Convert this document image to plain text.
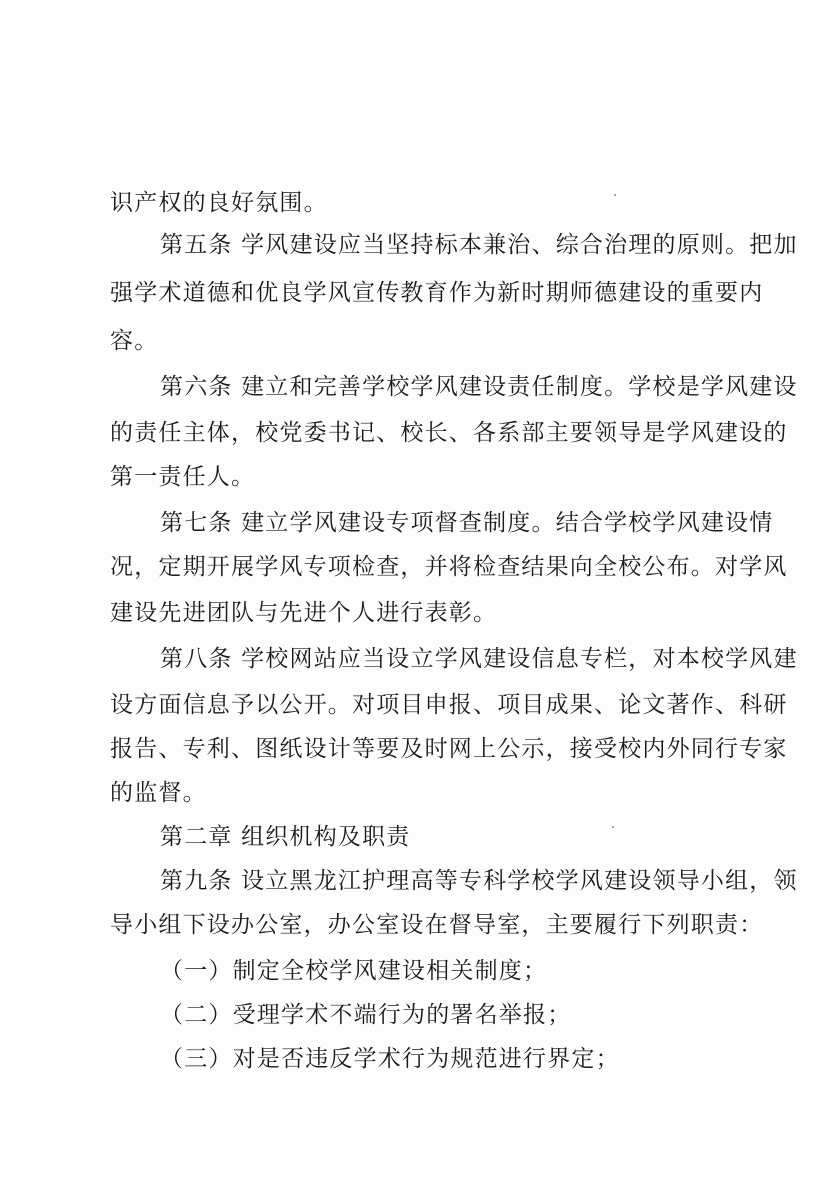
识产权的良好氛围。
第五条 学风建设应当坚持标本兼治、综合治理的原则。把加
强学术道德和优良学风宣传教育作为新时期师德建设的重要内
容。
第六条 建立和完善学校学风建设责任制度。学校是学风建设
的责任主体，校党委书记、校长、各系部主要领导是学风建设的
第一责任人。
第七条 建立学风建设专项督查制度。结合学校学风建设情
况，定期开展学风专项检查，并将检查结果向全校公布。对学风
建设先进团队与先进个人进行表彰。
第八条 学校网站应当设立学风建设信息专栏，对本校学风建
设方面信息予以公开。对项目申报、项目成果、论文著作、科研
报告、专利、图纸设计等要及时网上公示，接受校内外同行专家
的监督。
第二章 组织机构及职责
第九条 设立黑龙江护理高等专科学校学风建设领导小组，领
导小组下设办公室，办公室设在督导室，主要履行下列职责：
（一）制定全校学风建设相关制度；
（二）受理学术不端行为的署名举报；
（三）对是否违反学术行为规范进行界定；
